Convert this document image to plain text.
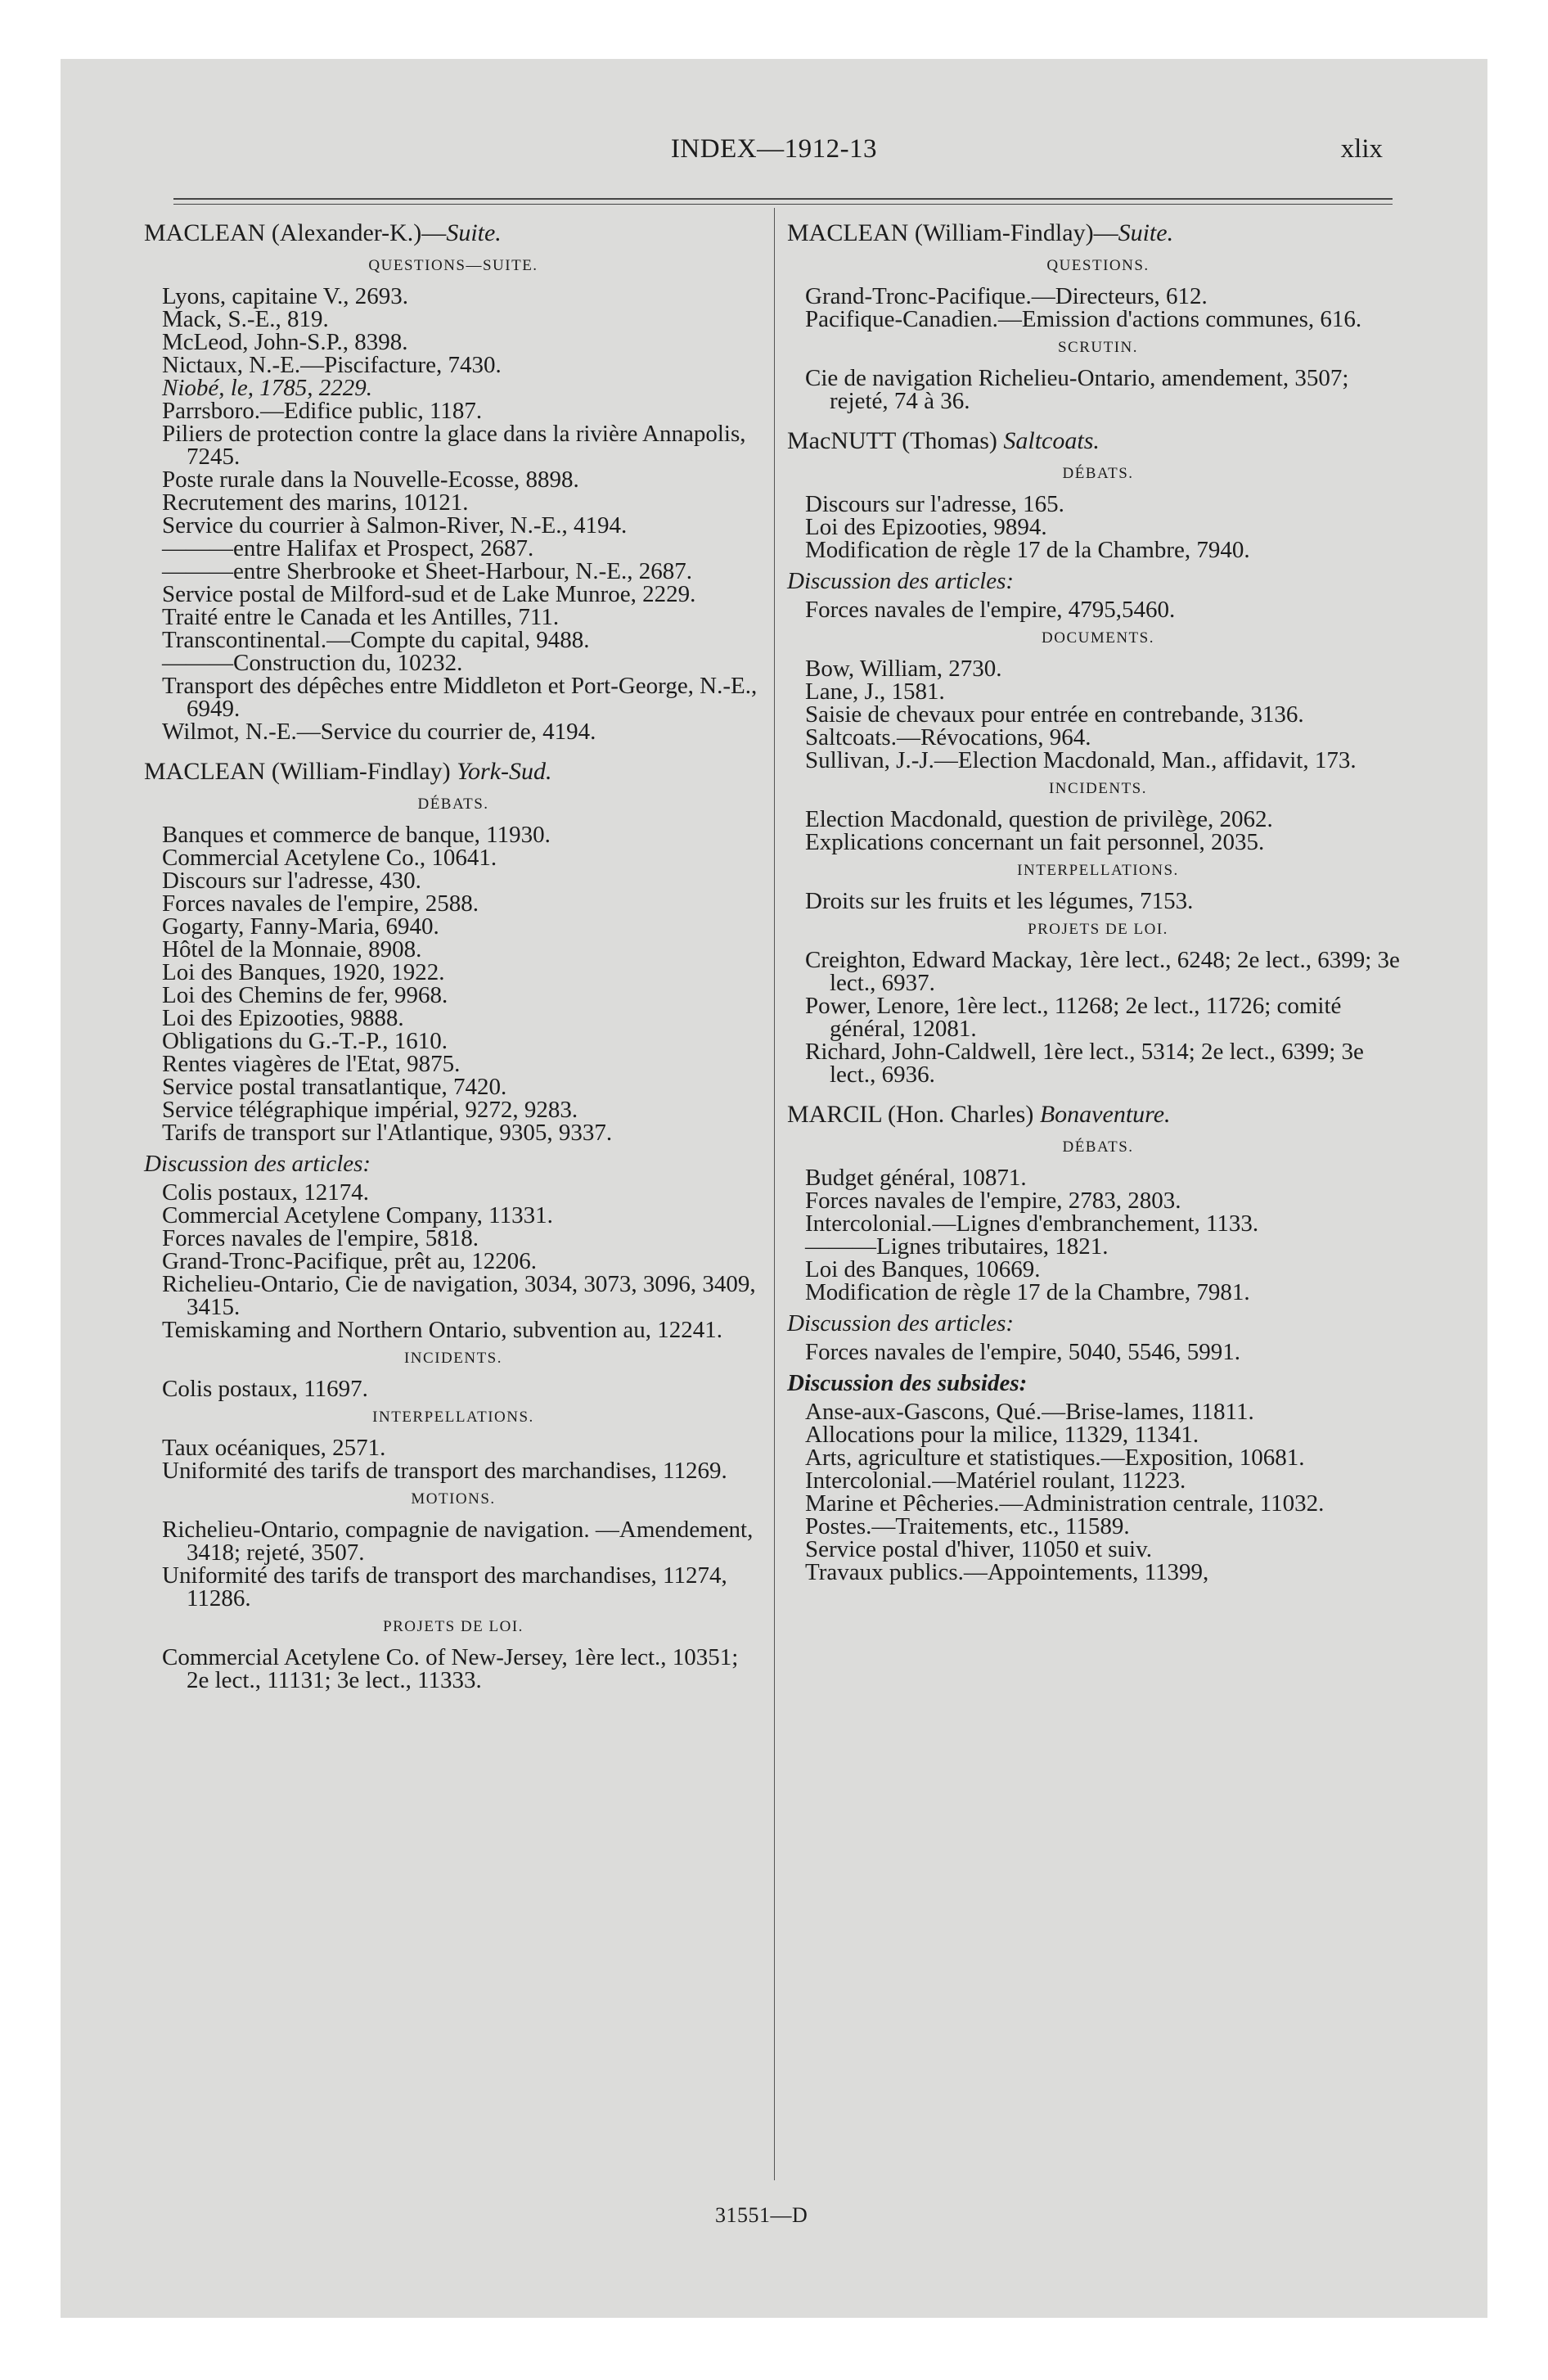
INDEX—1912-13	xlix
MACLEAN (Alexander-K.)—Suite.
QUESTIONS—SUITE.
Lyons, capitaine V., 2693.
Mack, S.-E., 819.
McLeod, John-S.P., 8398.
Nictaux, N.-E.—Piscifacture, 7430.
Niobé, le, 1785, 2229.
Parrsboro.—Edifice public, 1187.
Piliers de protection contre la glace dans la rivière Annapolis, 7245.
Poste rurale dans la Nouvelle-Ecosse, 8898.
Recrutement des marins, 10121.
Service du courrier à Salmon-River, N.-E., 4194.
———entre Halifax et Prospect, 2687.
———entre Sherbrooke et Sheet-Harbour, N.-E., 2687.
Service postal de Milford-sud et de Lake Munroe, 2229.
Traité entre le Canada et les Antilles, 711.
Transcontinental.—Compte du capital, 9488.
———Construction du, 10232.
Transport des dépêches entre Middleton et Port-George, N.-E., 6949.
Wilmot, N.-E.—Service du courrier de, 4194.
MACLEAN (William-Findlay) York-Sud.
DÉBATS.
Banques et commerce de banque, 11930.
Commercial Acetylene Co., 10641.
Discours sur l'adresse, 430.
Forces navales de l'empire, 2588.
Gogarty, Fanny-Maria, 6940.
Hôtel de la Monnaie, 8908.
Loi des Banques, 1920, 1922.
Loi des Chemins de fer, 9968.
Loi des Epizooties, 9888.
Obligations du G.-T.-P., 1610.
Rentes viagères de l'Etat, 9875.
Service postal transatlantique, 7420.
Service télégraphique impérial, 9272, 9283.
Tarifs de transport sur l'Atlantique, 9305, 9337.
Discussion des articles:
Colis postaux, 12174.
Commercial Acetylene Company, 11331.
Forces navales de l'empire, 5818.
Grand-Tronc-Pacifique, prêt au, 12206.
Richelieu-Ontario, Cie de navigation, 3034, 3073, 3096, 3409, 3415.
Temiskaming and Northern Ontario, subvention au, 12241.
INCIDENTS.
Colis postaux, 11697.
INTERPELLATIONS.
Taux océaniques, 2571.
Uniformité des tarifs de transport des marchandises, 11269.
MOTIONS.
Richelieu-Ontario, compagnie de navigation. —Amendement, 3418; rejeté, 3507.
Uniformité des tarifs de transport des marchandises, 11274, 11286.
PROJETS DE LOI.
Commercial Acetylene Co. of New-Jersey, 1ère lect., 10351; 2e lect., 11131; 3e lect., 11333.
MACLEAN (William-Findlay)—Suite.
QUESTIONS.
Grand-Tronc-Pacifique.—Directeurs, 612.
Pacifique-Canadien.—Emission d'actions communes, 616.
SCRUTIN.
Cie de navigation Richelieu-Ontario, amendement, 3507; rejeté, 74 à 36.
MacNUTT (Thomas) Saltcoats.
DÉBATS.
Discours sur l'adresse, 165.
Loi des Epizooties, 9894.
Modification de règle 17 de la Chambre, 7940.
Discussion des articles:
Forces navales de l'empire, 4795,5460.
DOCUMENTS.
Bow, William, 2730.
Lane, J., 1581.
Saisie de chevaux pour entrée en contrebande, 3136.
Saltcoats.—Révocations, 964.
Sullivan, J.-J.—Election Macdonald, Man., affidavit, 173.
INCIDENTS.
Election Macdonald, question de privilège, 2062.
Explications concernant un fait personnel, 2035.
INTERPELLATIONS.
Droits sur les fruits et les légumes, 7153.
PROJETS DE LOI.
Creighton, Edward Mackay, 1ère lect., 6248; 2e lect., 6399; 3e lect., 6937.
Power, Lenore, 1ère lect., 11268; 2e lect., 11726; comité général, 12081.
Richard, John-Caldwell, 1ère lect., 5314; 2e lect., 6399; 3e lect., 6936.
MARCIL (Hon. Charles) Bonaventure.
DÉBATS.
Budget général, 10871.
Forces navales de l'empire, 2783, 2803.
Intercolonial.—Lignes d'embranchement, 1133.
———Lignes tributaires, 1821.
Loi des Banques, 10669.
Modification de règle 17 de la Chambre, 7981.
Discussion des articles:
Forces navales de l'empire, 5040, 5546, 5991.
Discussion des subsides:
Anse-aux-Gascons, Qué.—Brise-lames, 11811.
Allocations pour la milice, 11329, 11341.
Arts, agriculture et statistiques.—Exposition, 10681.
Intercolonial.—Matériel roulant, 11223.
Marine et Pêcheries.—Administration centrale, 11032.
Postes.—Traitements, etc., 11589.
Service postal d'hiver, 11050 et suiv.
Travaux publics.—Appointements, 11399,
31551—D
